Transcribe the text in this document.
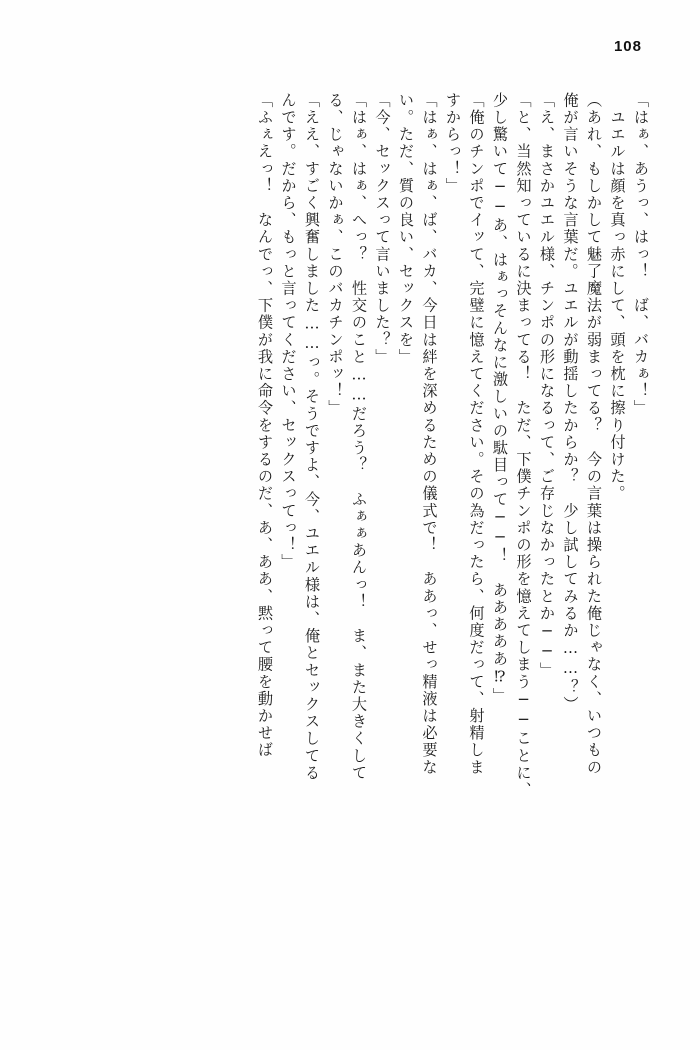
108
「はぁ、あうっ、はっ！　ば、バカぁ！」
　ユエルは顔を真っ赤にして、頭を枕に擦り付けた。
（あれ、もしかして魅了魔法が弱まってる？　今の言葉は操られた俺じゃなく、いつもの
俺が言いそうな言葉だ。ユエルが動揺したからか？　少し試してみるか……？）
「え、まさかユエル様、チンポの形になるって、ご存じなかったとか──」
「と、当然知っているに決まってる！　ただ、下僕チンポの形を憶えてしまう──ことに、
少し驚いて──あ、はぁっそんなに激しいの駄目って──！　あああああ⁉」
「俺のチンポでイッて、完璧に憶えてください。その為だったら、何度だって、射精しま
すからっ！」
「はぁ、はぁ、ば、バカ、今日は絆を深めるための儀式で！　ああっ、せっ精液は必要な
い。ただ、質の良い、セックスを」
「今、セックスって言いました？」
「はぁ、はぁ、へっ？　性交のこと……だろう？　ふぁぁあんっ！　ま、また大きくして
る、じゃないかぁ、このバカチンポッ！」
「ええ、すごく興奮しました……っ。そうですよ、今、ユエル様は、俺とセックスしてる
んです。だから、もっと言ってください、セックスってっ！」
「ふぇえっ！　なんでっ、下僕が我に命令をするのだ、あ、ああ、黙って腰を動かせば
